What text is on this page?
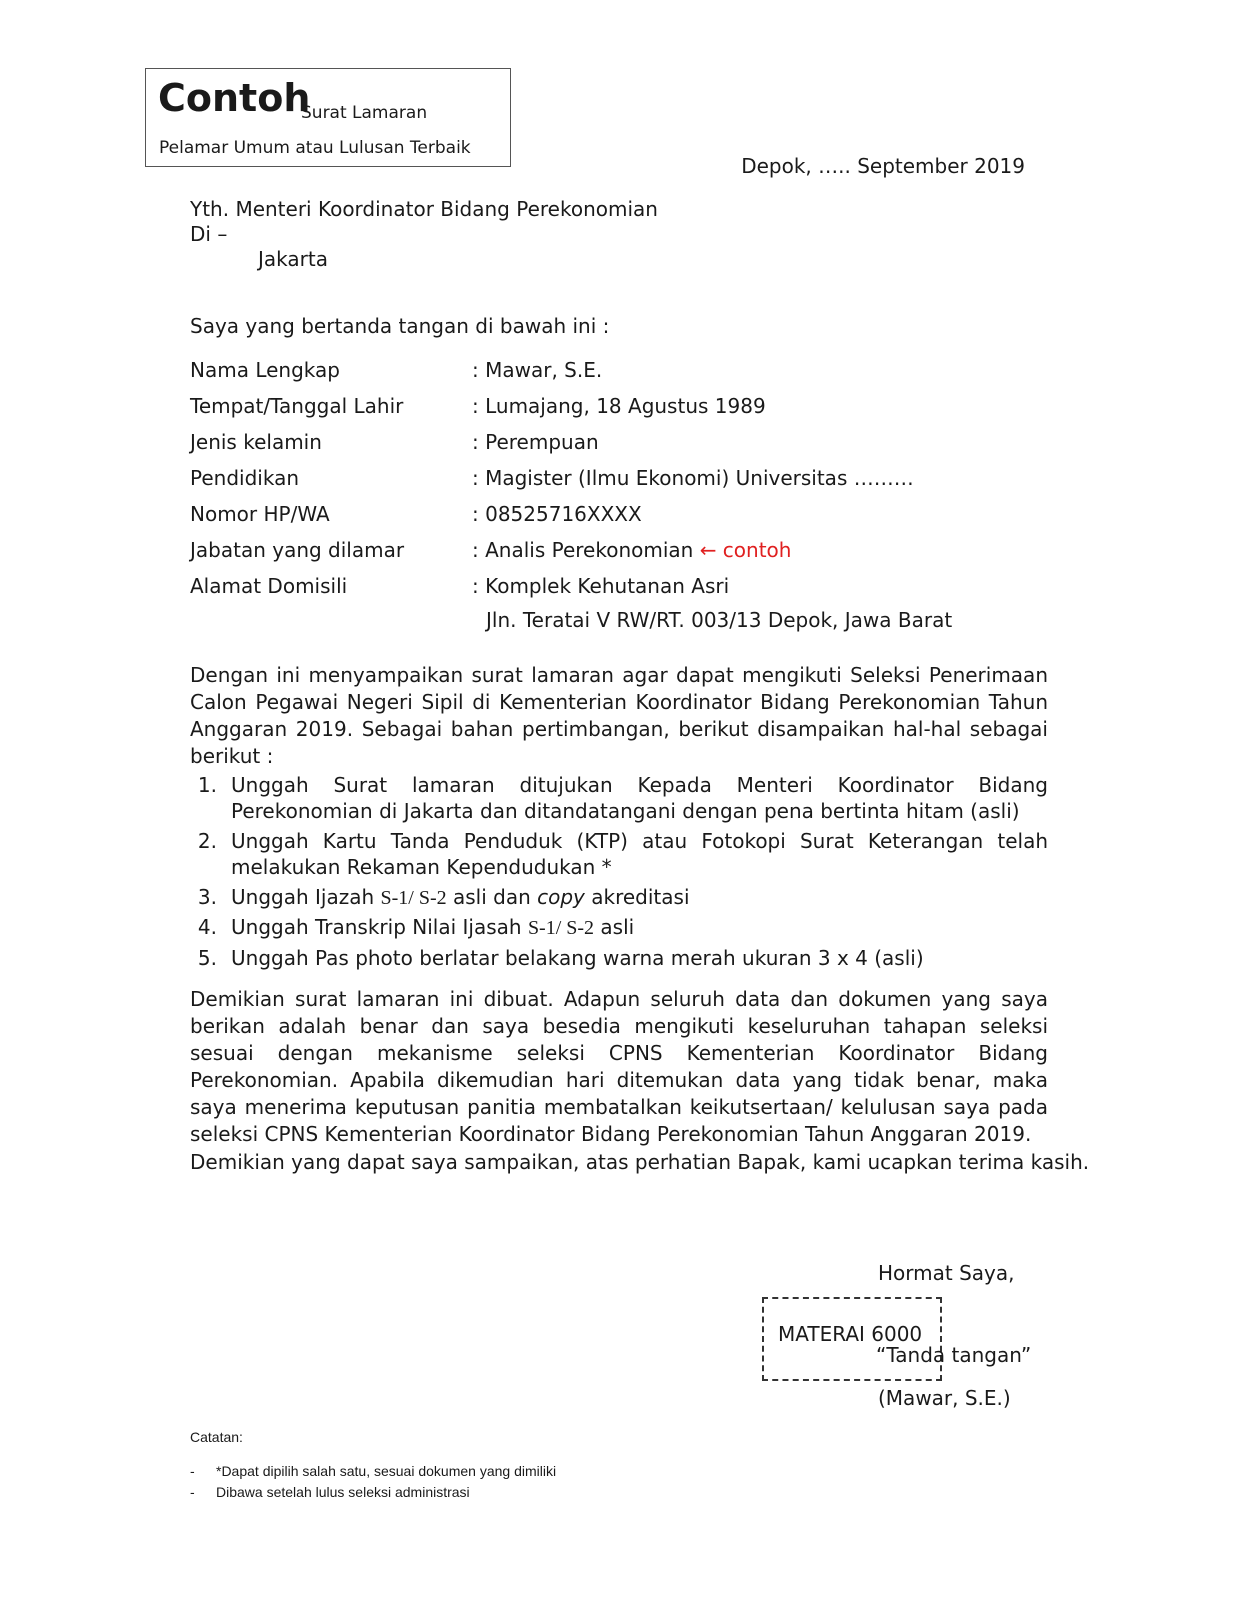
Contoh
Surat Lamaran
Pelamar Umum atau Lulusan Terbaik
Depok, ….. September 2019
Yth. Menteri Koordinator Bidang Perekonomian
Di –
Jakarta
Saya yang bertanda tangan di bawah ini :
Nama Lengkap	: Mawar, S.E.
Tempat/Tanggal Lahir	: Lumajang, 18 Agustus 1989
Jenis kelamin	: Perempuan
Pendidikan	: Magister (Ilmu Ekonomi) Universitas ………
Nomor HP/WA	: 08525716XXXX
Jabatan yang dilamar	: Analis Perekonomian ← contoh
Alamat Domisili	: Komplek Kehutanan Asri
Jln. Teratai V RW/RT. 003/13 Depok, Jawa Barat
Dengan ini menyampaikan surat lamaran agar dapat mengikuti Seleksi Penerimaan Calon Pegawai Negeri Sipil di Kementerian Koordinator Bidang Perekonomian Tahun Anggaran 2019. Sebagai bahan pertimbangan, berikut disampaikan hal-hal sebagai berikut :
1. Unggah Surat lamaran ditujukan Kepada Menteri Koordinator Bidang Perekonomian di Jakarta dan ditandatangani dengan pena bertinta hitam (asli)
2. Unggah Kartu Tanda Penduduk (KTP) atau Fotokopi Surat Keterangan telah melakukan Rekaman Kependudukan *
3. Unggah Ijazah S-1/ S-2 asli dan copy akreditasi
4. Unggah Transkrip Nilai Ijasah S-1/ S-2 asli
5. Unggah Pas photo berlatar belakang warna merah ukuran 3 x 4 (asli)
Demikian surat lamaran ini dibuat. Adapun seluruh data dan dokumen yang saya berikan adalah benar dan saya besedia mengikuti keseluruhan tahapan seleksi sesuai dengan mekanisme seleksi CPNS Kementerian Koordinator Bidang Perekonomian. Apabila dikemudian hari ditemukan data yang tidak benar, maka saya menerima keputusan panitia membatalkan keikutsertaan/ kelulusan saya pada seleksi CPNS Kementerian Koordinator Bidang Perekonomian Tahun Anggaran 2019.
Demikian yang dapat saya sampaikan, atas perhatian Bapak, kami ucapkan terima kasih.
Hormat Saya,
MATERAI 6000
“Tanda tangan”
(Mawar, S.E.)
Catatan:
- *Dapat dipilih salah satu, sesuai dokumen yang dimiliki
- Dibawa setelah lulus seleksi administrasi
